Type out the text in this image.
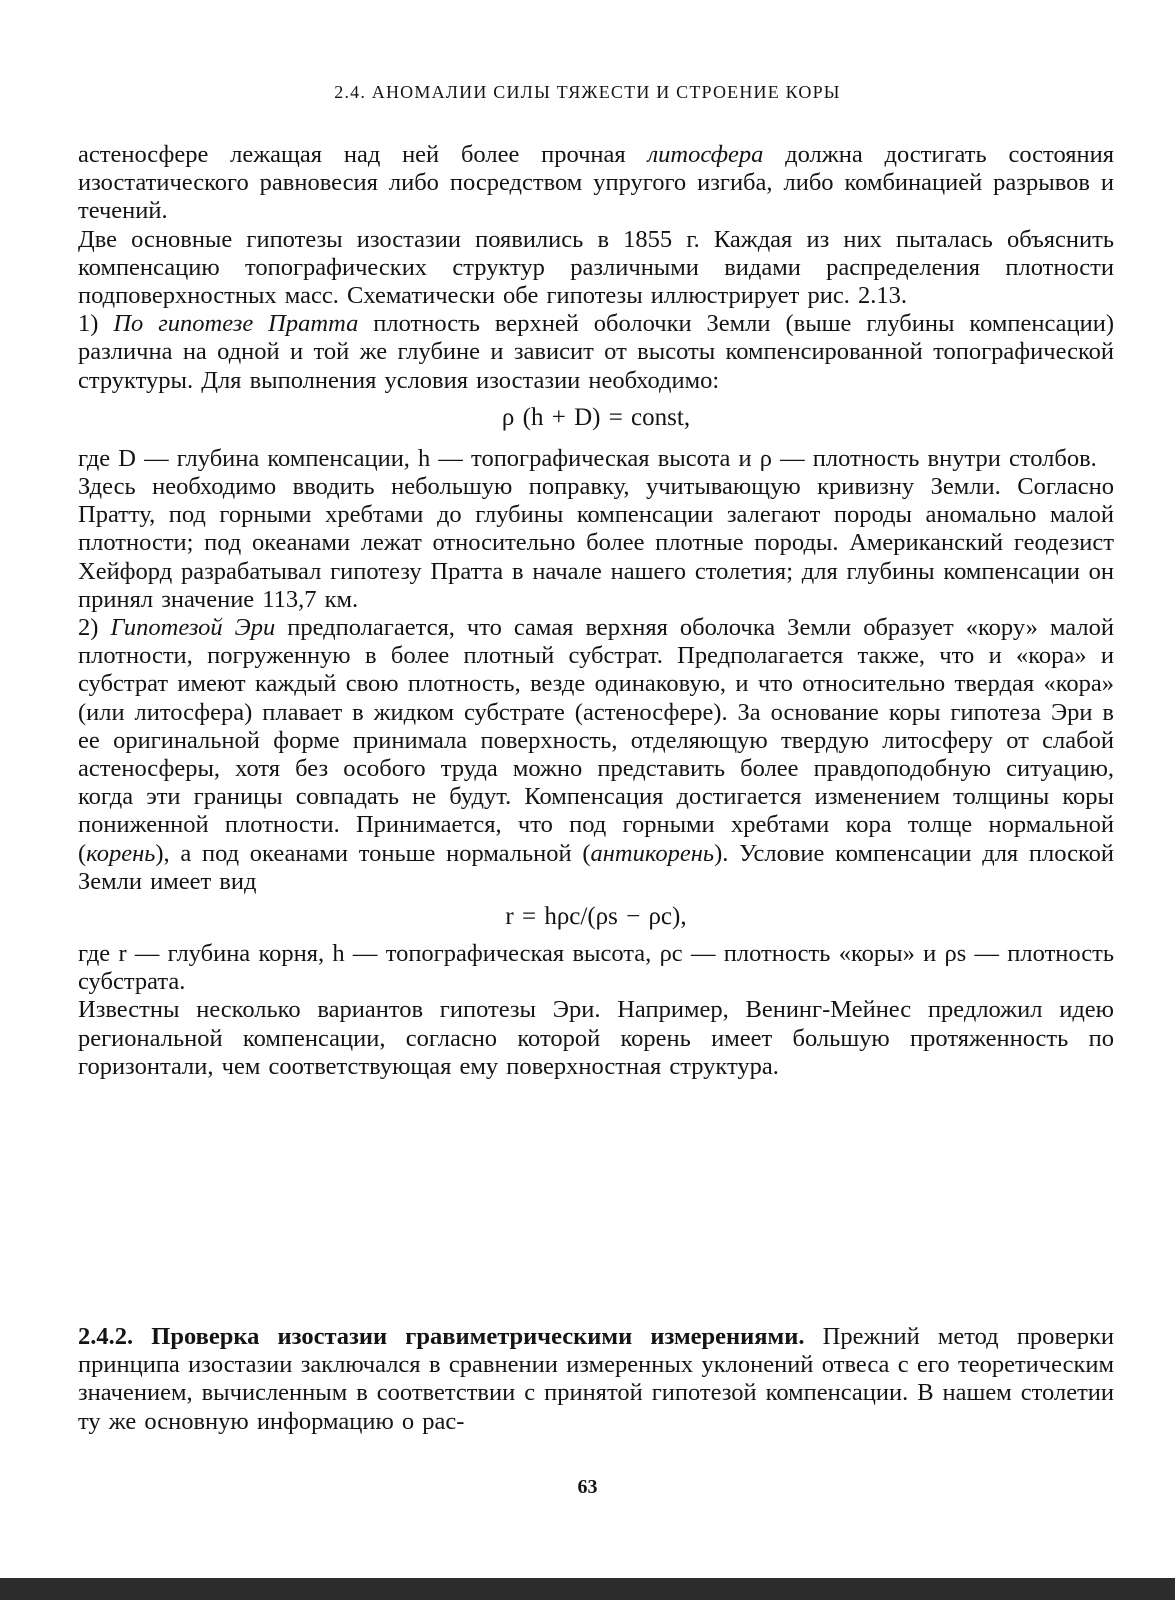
2.4. АНОМАЛИИ СИЛЫ ТЯЖЕСТИ И СТРОЕНИЕ КОРЫ

астеносфере лежащая над ней более прочная литосфера должна достигать состояния изостатического равновесия либо посредством упругого изгиба, либо комбинацией разрывов и течений.

Две основные гипотезы изостазии появились в 1855 г. Каждая из них пыталась объяснить компенсацию топографических структур различными видами распределения плотности подповерхностных масс. Схематически обе гипотезы иллюстрирует рис. 2.13.

1) По гипотезе Пратта плотность верхней оболочки Земли (выше глубины компенсации) различна на одной и той же глубине и зависит от высоты компенсированной топографической структуры. Для выполнения условия изостазии необходимо:

ρ (h + D) = const,

где D — глубина компенсации, h — топографическая высота и ρ — плотность внутри столбов.

Здесь необходимо вводить небольшую поправку, учитывающую кривизну Земли. Согласно Пратту, под горными хребтами до глубины компенсации залегают породы аномально малой плотности; под океанами лежат относительно более плотные породы. Американский геодезист Хейфорд разрабатывал гипотезу Пратта в начале нашего столетия; для глубины компенсации он принял значение 113,7 км.

2) Гипотезой Эри предполагается, что самая верхняя оболочка Земли образует «кору» малой плотности, погруженную в более плотный субстрат. Предполагается также, что и «кора» и субстрат имеют каждый свою плотность, везде одинаковую, и что относительно твердая «кора» (или литосфера) плавает в жидком субстрате (астеносфере). За основание коры гипотеза Эри в ее оригинальной форме принимала поверхность, отделяющую твердую литосферу от слабой астеносферы, хотя без особого труда можно представить более правдоподобную ситуацию, когда эти границы совпадать не будут. Компенсация достигается изменением толщины коры пониженной плотности. Принимается, что под горными хребтами кора толще нормальной (корень), а под океанами тоньше нормальной (антикорень). Условие компенсации для плоской Земли имеет вид

r = hρc/(ρs − ρc),

где r — глубина корня, h — топографическая высота, ρc — плотность «коры» и ρs — плотность субстрата.

Известны несколько вариантов гипотезы Эри. Например, Венинг-Мейнес предложил идею региональной компенсации, согласно которой корень имеет большую протяженность по горизонтали, чем соответствующая ему поверхностная структура.

2.4.2. Проверка изостазии гравиметрическими измерениями. Прежний метод проверки принципа изостазии заключался в сравнении измеренных уклонений отвеса с его теоретическим значением, вычисленным в соответствии с принятой гипотезой компенсации. В нашем столетии ту же основную информацию о рас-

63
